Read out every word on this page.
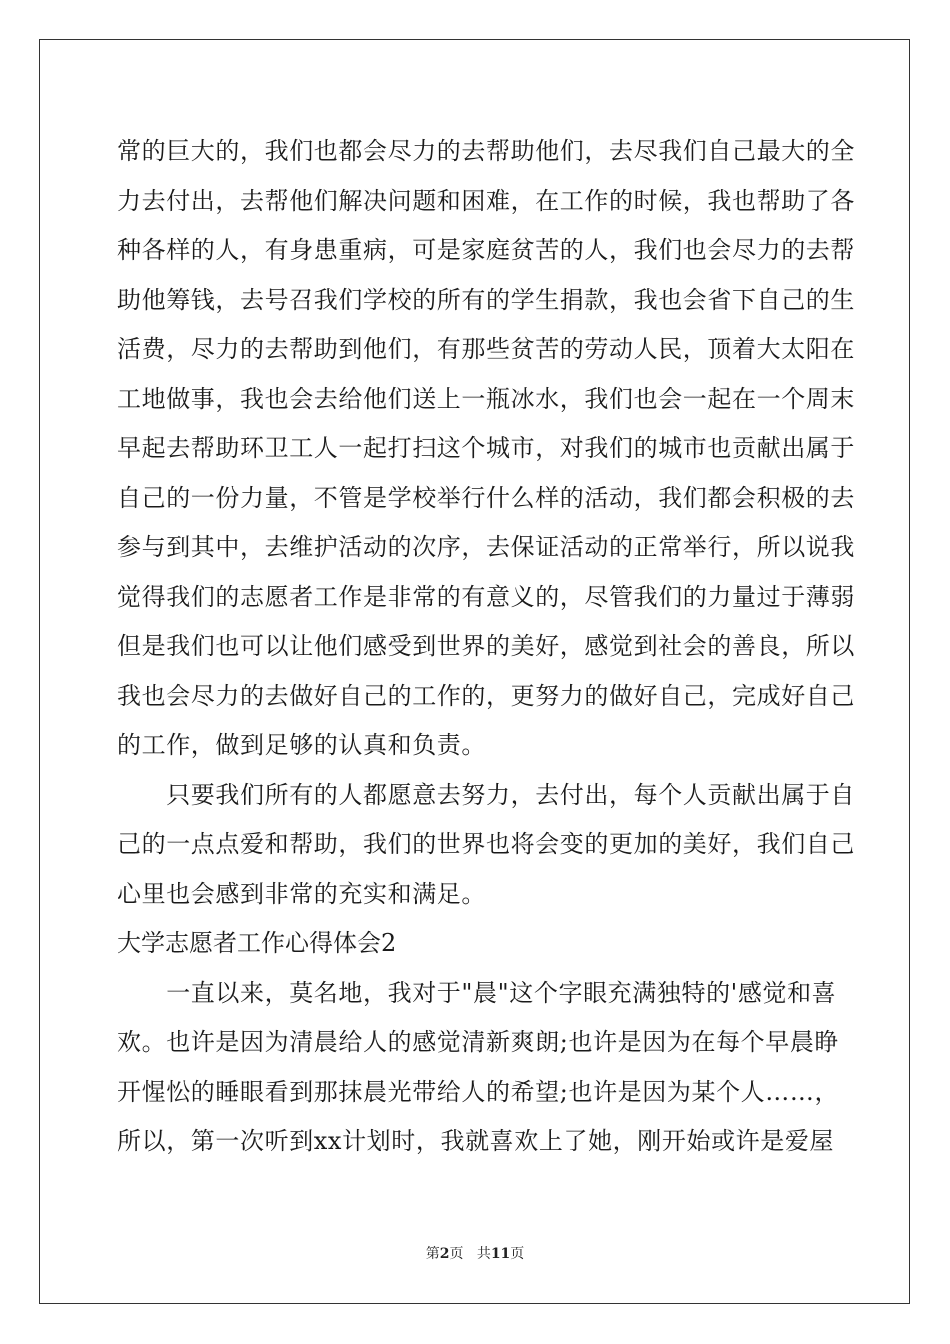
常的巨大的，我们也都会尽力的去帮助他们，去尽我们自己最大的全
力去付出，去帮他们解决问题和困难，在工作的时候，我也帮助了各
种各样的人，有身患重病，可是家庭贫苦的人，我们也会尽力的去帮
助他筹钱，去号召我们学校的所有的学生捐款，我也会省下自己的生
活费，尽力的去帮助到他们，有那些贫苦的劳动人民，顶着大太阳在
工地做事，我也会去给他们送上一瓶冰水，我们也会一起在一个周末
早起去帮助环卫工人一起打扫这个城市，对我们的城市也贡献出属于
自己的一份力量，不管是学校举行什么样的活动，我们都会积极的去
参与到其中，去维护活动的次序，去保证活动的正常举行，所以说我
觉得我们的志愿者工作是非常的有意义的，尽管我们的力量过于薄弱
但是我们也可以让他们感受到世界的美好，感觉到社会的善良，所以
我也会尽力的去做好自己的工作的，更努力的做好自己，完成好自己
的工作，做到足够的认真和负责。
　　只要我们所有的人都愿意去努力，去付出，每个人贡献出属于自
己的一点点爱和帮助，我们的世界也将会变的更加的美好，我们自己
心里也会感到非常的充实和满足。
大学志愿者工作心得体会2
　　一直以来，莫名地，我对于"晨"这个字眼充满独特的'感觉和喜
欢。也许是因为清晨给人的感觉清新爽朗;也许是因为在每个早晨睁
开惺忪的睡眼看到那抹晨光带给人的希望;也许是因为某个人……，
所以，第一次听到xx计划时，我就喜欢上了她，刚开始或许是爱屋
第2页 共11页
